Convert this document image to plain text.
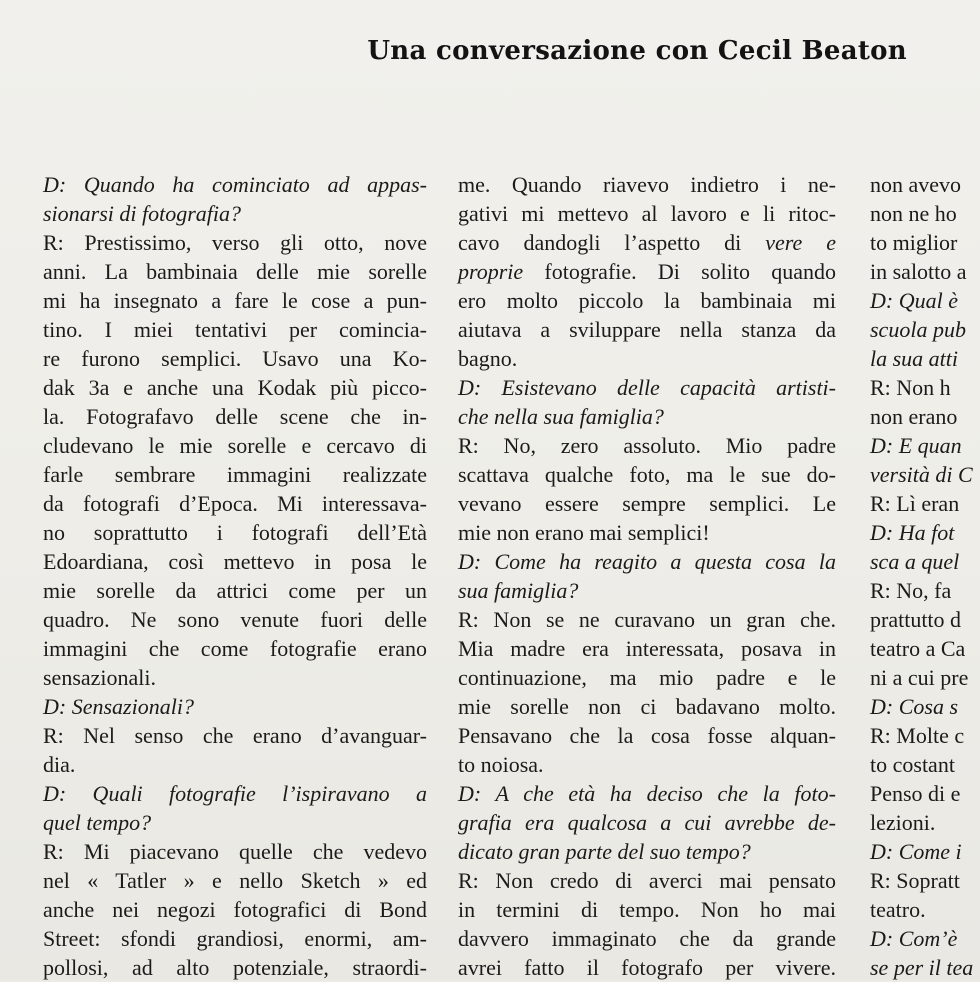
Una conversazione con Cecil Beaton
D: Quando ha cominciato ad appas-
sionarsi di fotografia?
R: Prestissimo, verso gli otto, nove
anni. La bambinaia delle mie sorelle
mi ha insegnato a fare le cose a pun-
tino. I miei tentativi per comincia-
re furono semplici. Usavo una Ko-
dak 3a e anche una Kodak più picco-
la. Fotografavo delle scene che in-
cludevano le mie sorelle e cercavo di
farle sembrare immagini realizzate
da fotografi d’Epoca. Mi interessava-
no soprattutto i fotografi dell’Età
Edoardiana, così mettevo in posa le
mie sorelle da attrici come per un
quadro. Ne sono venute fuori delle
immagini che come fotografie erano
sensazionali.
D: Sensazionali?
R: Nel senso che erano d’avanguar-
dia.
D: Quali fotografie l’ispiravano a
quel tempo?
R: Mi piacevano quelle che vedevo
nel « Tatler » e nello Sketch » ed
anche nei negozi fotografici di Bond
Street: sfondi grandiosi, enormi, am-
pollosi, ad alto potenziale, straordi-
me. Quando riavevo indietro i ne-
gativi mi mettevo al lavoro e li ritoc-
cavo dandogli l’aspetto di vere e
proprie fotografie. Di solito quando
ero molto piccolo la bambinaia mi
aiutava a sviluppare nella stanza da
bagno.
D: Esistevano delle capacità artisti-
che nella sua famiglia?
R: No, zero assoluto. Mio padre
scattava qualche foto, ma le sue do-
vevano essere sempre semplici. Le
mie non erano mai semplici!
D: Come ha reagito a questa cosa la
sua famiglia?
R: Non se ne curavano un gran che.
Mia madre era interessata, posava in
continuazione, ma mio padre e le
mie sorelle non ci badavano molto.
Pensavano che la cosa fosse alquan-
to noiosa.
D: A che età ha deciso che la foto-
grafia era qualcosa a cui avrebbe de-
dicato gran parte del suo tempo?
R: Non credo di averci mai pensato
in termini di tempo. Non ho mai
davvero immaginato che da grande
avrei fatto il fotografo per vivere.
non avevo
non ne ho
to miglior
in salotto a
D: Qual è
scuola pub
la sua atti
R: Non h
non erano
D: E quan
versità di C
R: Lì eran
D: Ha fot
sca a quel
R: No, fa
prattutto d
teatro a Ca
ni a cui pre
D: Cosa s
R: Molte c
to costant
Penso di e
lezioni.
D: Come i
R: Sopratt
teatro.
D: Com’è
se per il tea
